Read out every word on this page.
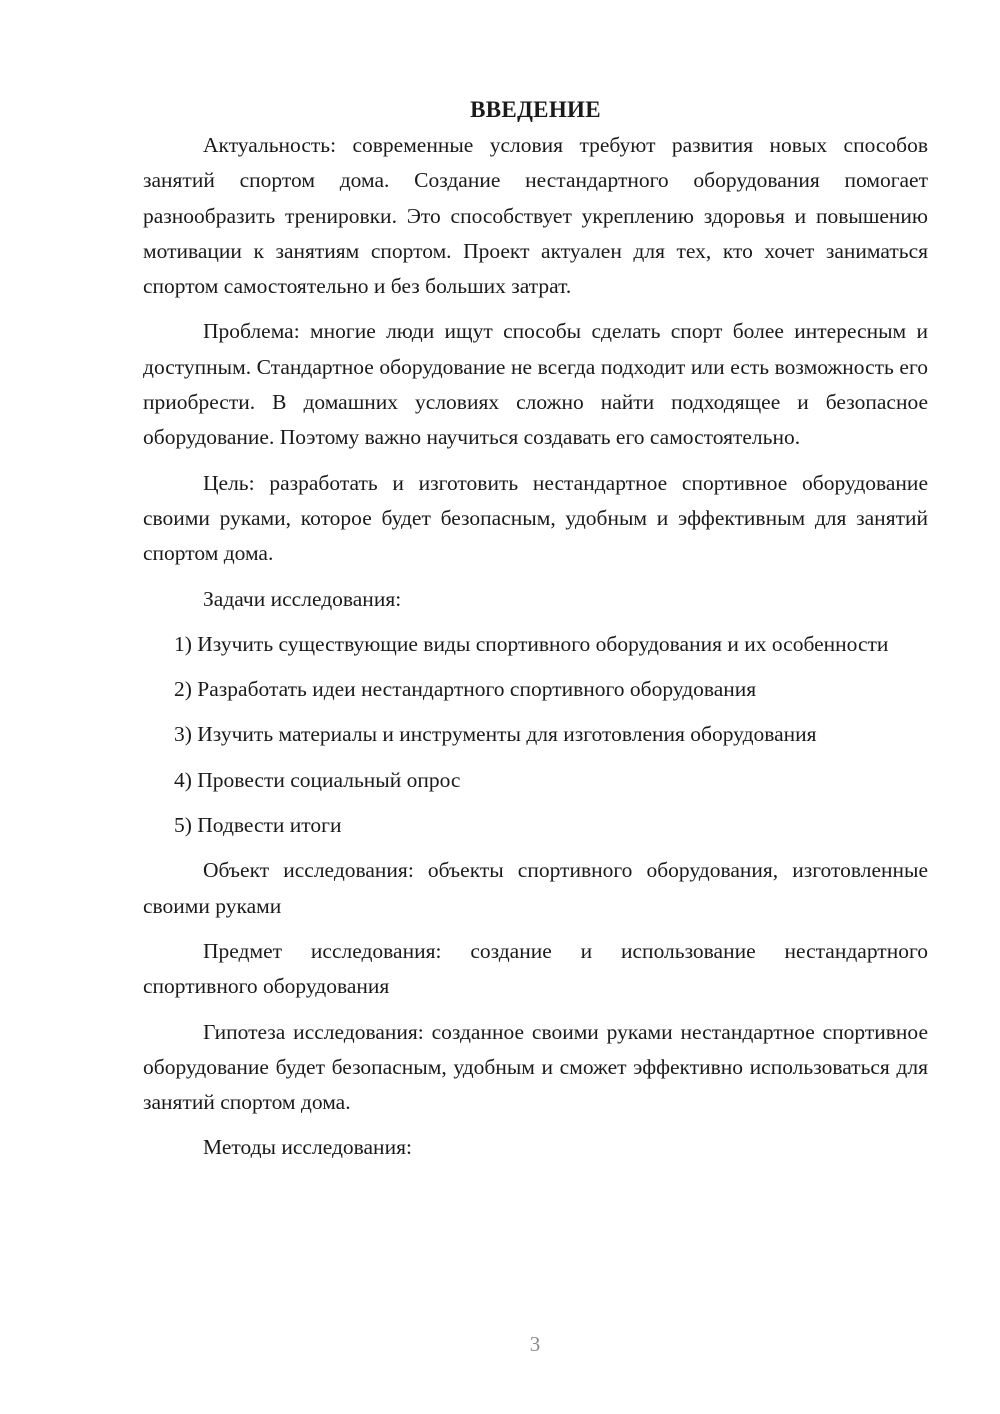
ВВЕДЕНИЕ

Актуальность: современные условия требуют развития новых способов занятий спортом дома. Создание нестандартного оборудования помогает разнообразить тренировки. Это способствует укреплению здоровья и повышению мотивации к занятиям спортом. Проект актуален для тех, кто хочет заниматься спортом самостоятельно и без больших затрат.

Проблема: многие люди ищут способы сделать спорт более интересным и доступным. Стандартное оборудование не всегда подходит или есть возможность его приобрести. В домашних условиях сложно найти подходящее и безопасное оборудование. Поэтому важно научиться создавать его самостоятельно.

Цель: разработать и изготовить нестандартное спортивное оборудование своими руками, которое будет безопасным, удобным и эффективным для занятий спортом дома.

Задачи исследования:

1) Изучить существующие виды спортивного оборудования и их особенности

2) Разработать идеи нестандартного спортивного оборудования

3) Изучить материалы и инструменты для изготовления оборудования

4) Провести социальный опрос

5) Подвести итоги

Объект исследования: объекты спортивного оборудования, изготовленные своими руками

Предмет исследования: создание и использование нестандартного спортивного оборудования

Гипотеза исследования: созданное своими руками нестандартное спортивное оборудование будет безопасным, удобным и сможет эффективно использоваться для занятий спортом дома.

Методы исследования:

3
